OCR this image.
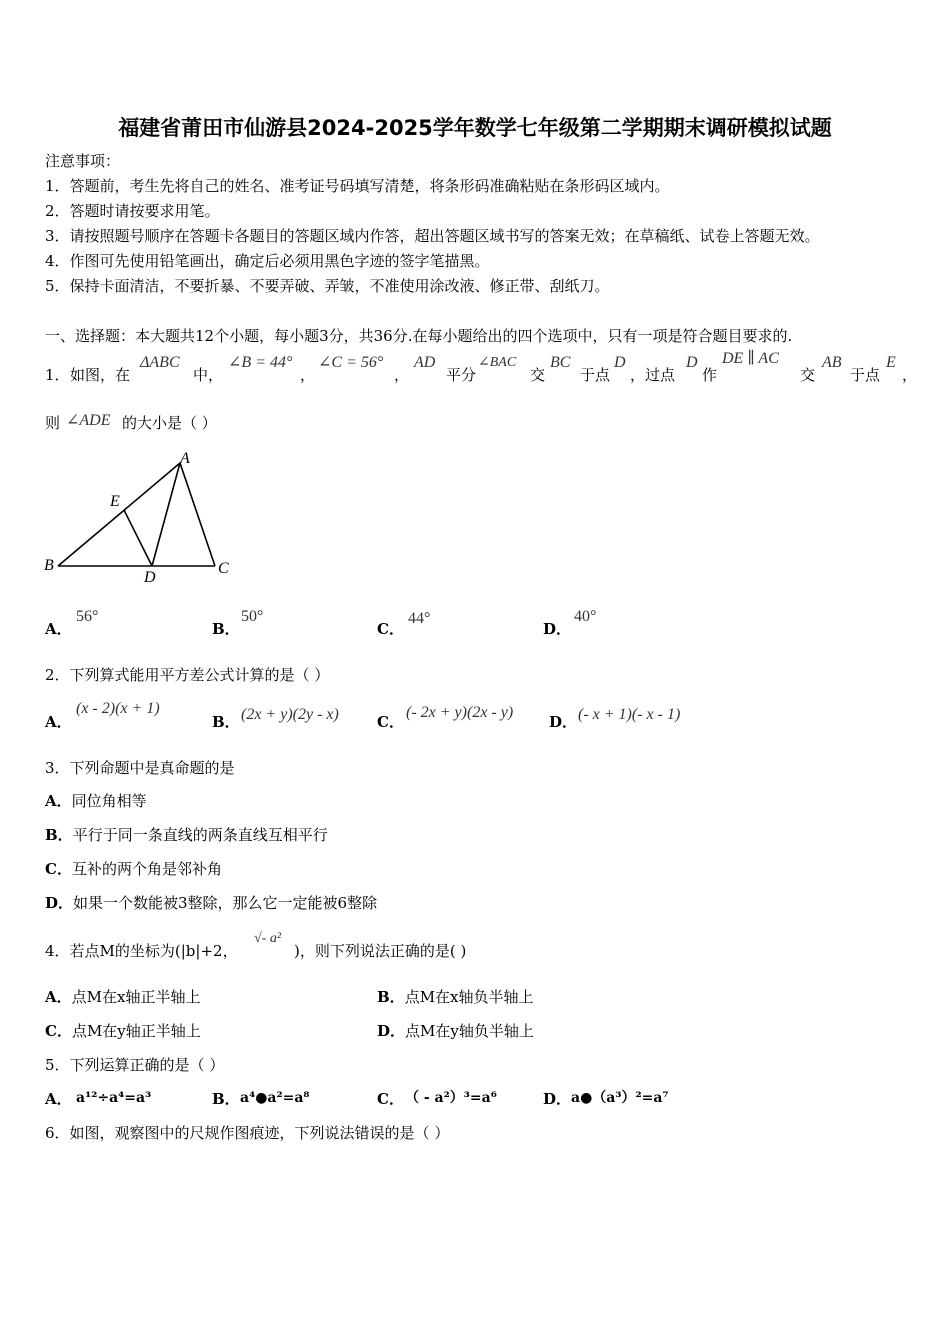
福建省莆田市仙游县2024-2025学年数学七年级第二学期期末调研模拟试题
注意事项：
1．答题前，考生先将自己的姓名、准考证号码填写清楚，将条形码准确粘贴在条形码区域内。
2．答题时请按要求用笔。
3．请按照题号顺序在答题卡各题目的答题区域内作答，超出答题区域书写的答案无效；在草稿纸、试卷上答题无效。
4．作图可先使用铅笔画出，确定后必须用黑色字迹的签字笔描黑。
5．保持卡面清洁，不要折暴、不要弄破、弄皱，不准使用涂改液、修正带、刮纸刀。
一、选择题：本大题共12个小题，每小题3分，共36分.在每小题给出的四个选项中，只有一项是符合题目要求的.
1． 如图，在
ΔABC
中，
∠B = 44°
，
∠C = 56°
，
AD
平分
∠BAC
交
BC
于点
D
，过点
D
作
DE ∥ AC
交
AB
于点
E
，
则 ∠ADE 的大小是（ ）
A
B	C
D
E
A．
56°
B．
50°
C．
44°
D．
40°
2．下列算式能用平方差公式计算的是（ ）
A．
(x - 2)(x + 1)
B． (2x + y)(2y - x)	C．
(- 2x + y)(2x - y)
D． (- x + 1)(- x - 1)
3．下列命题中是真命题的是
A．同位角相等
B．平行于同一条直线的两条直线互相平行
C．互补的两个角是邻补角
D．如果一个数能被3整除，那么它一定能被6整除
4．若点M的坐标为(|b|+2，
√- a²
)，则下列说法正确的是( )
A．点M在x轴正半轴上	B．点M在x轴负半轴上
C．点M在y轴正半轴上	D．点M在y轴负半轴上
5．下列运算正确的是（ ）
A． a¹²÷a⁴=a³	B． a⁴●a²=a⁸	C． （ - a²）³=a⁶	D． a●（a³）²=a⁷
6．如图，观察图中的尺规作图痕迹，下列说法错误的是（ ）
